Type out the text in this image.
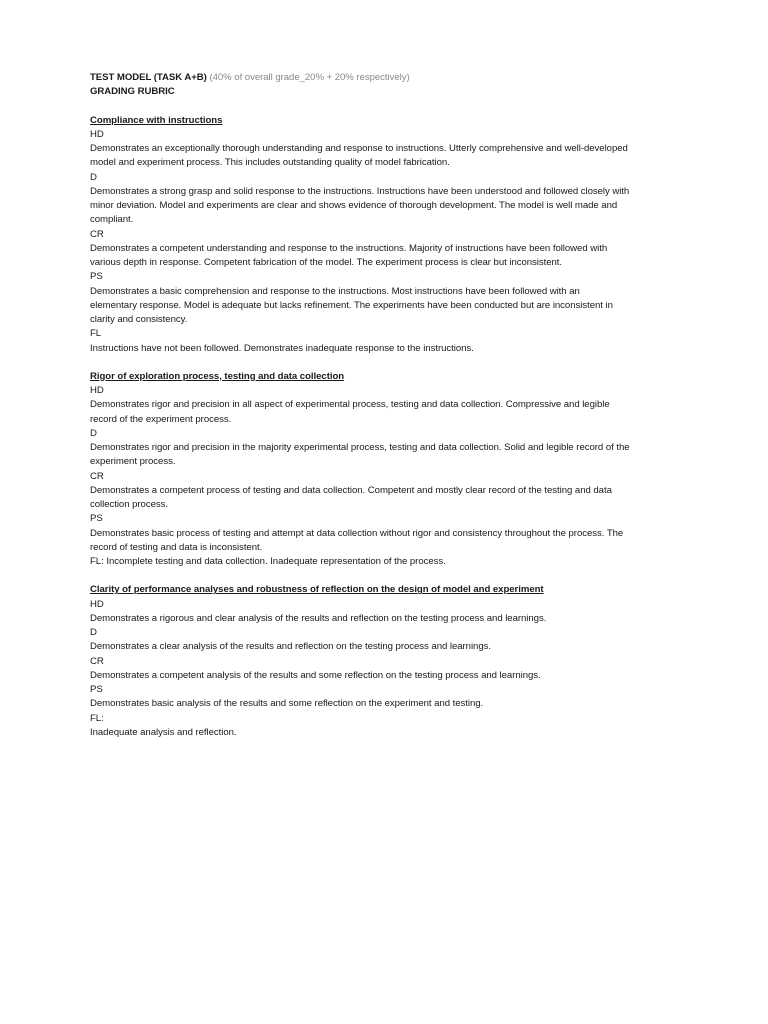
TEST MODEL (TASK A+B) (40% of overall grade_20% + 20% respectively)
GRADING RUBRIC
Compliance with instructions
HD
Demonstrates an exceptionally thorough understanding and response to instructions. Utterly comprehensive and well-developed
model and experiment process. This includes outstanding quality of model fabrication.
D
Demonstrates a strong grasp and solid response to the instructions. Instructions have been understood and followed closely with
minor deviation. Model and experiments are clear and shows evidence of thorough development. The model is well made and
compliant.
CR
Demonstrates a competent understanding and response to the instructions. Majority of instructions have been followed with
various depth in response. Competent fabrication of the model. The experiment process is clear but inconsistent.
PS
Demonstrates a basic comprehension and response to the instructions. Most instructions have been followed with an
elementary response. Model is adequate but lacks refinement. The experiments have been conducted but are inconsistent in
clarity and consistency.
FL
Instructions have not been followed. Demonstrates inadequate response to the instructions.
Rigor of exploration process, testing and data collection
HD
Demonstrates rigor and precision in all aspect of experimental process, testing and data collection. Compressive and legible
record of the experiment process.
D
Demonstrates rigor and precision in the majority experimental process, testing and data collection. Solid and legible record of the
experiment process.
CR
Demonstrates a competent process of testing and data collection. Competent and mostly clear record of the testing and data
collection process.
PS
Demonstrates basic process of testing and attempt at data collection without rigor and consistency throughout the process. The
record of testing and data is inconsistent.
FL: Incomplete testing and data collection. Inadequate representation of the process.
Clarity of performance analyses and robustness of reflection on the design of model and experiment
HD
Demonstrates a rigorous and clear analysis of the results and reflection on the testing process and learnings.
D
Demonstrates a clear analysis of the results and reflection on the testing process and learnings.
CR
Demonstrates a competent analysis of the results and some reflection on the testing process and learnings.
PS
Demonstrates basic analysis of the results and some reflection on the experiment and testing.
FL:
Inadequate analysis and reflection.
